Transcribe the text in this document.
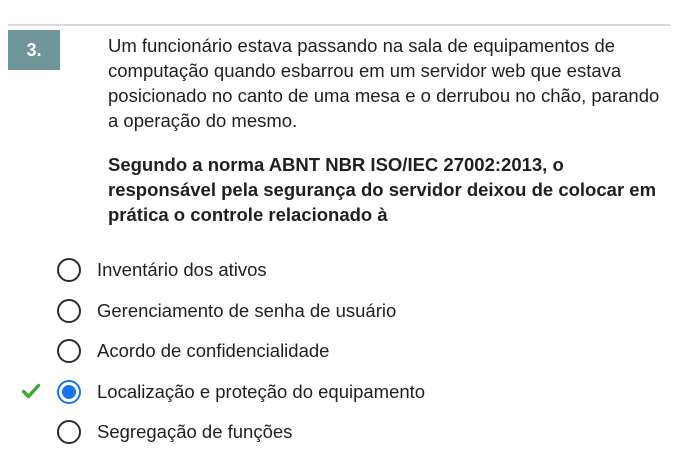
3.	Um funcionário estava passando na sala de equipamentos de computação quando esbarrou em um servidor web que estava posicionado no canto de uma mesa e o derrubou no chão, parando a operação do mesmo.
Segundo a norma ABNT NBR ISO/IEC 27002:2013, o responsável pela segurança do servidor deixou de colocar em prática o controle relacionado à
Inventário dos ativos
Gerenciamento de senha de usuário
Acordo de confidencialidade
Localização e proteção do equipamento
Segregação de funções
